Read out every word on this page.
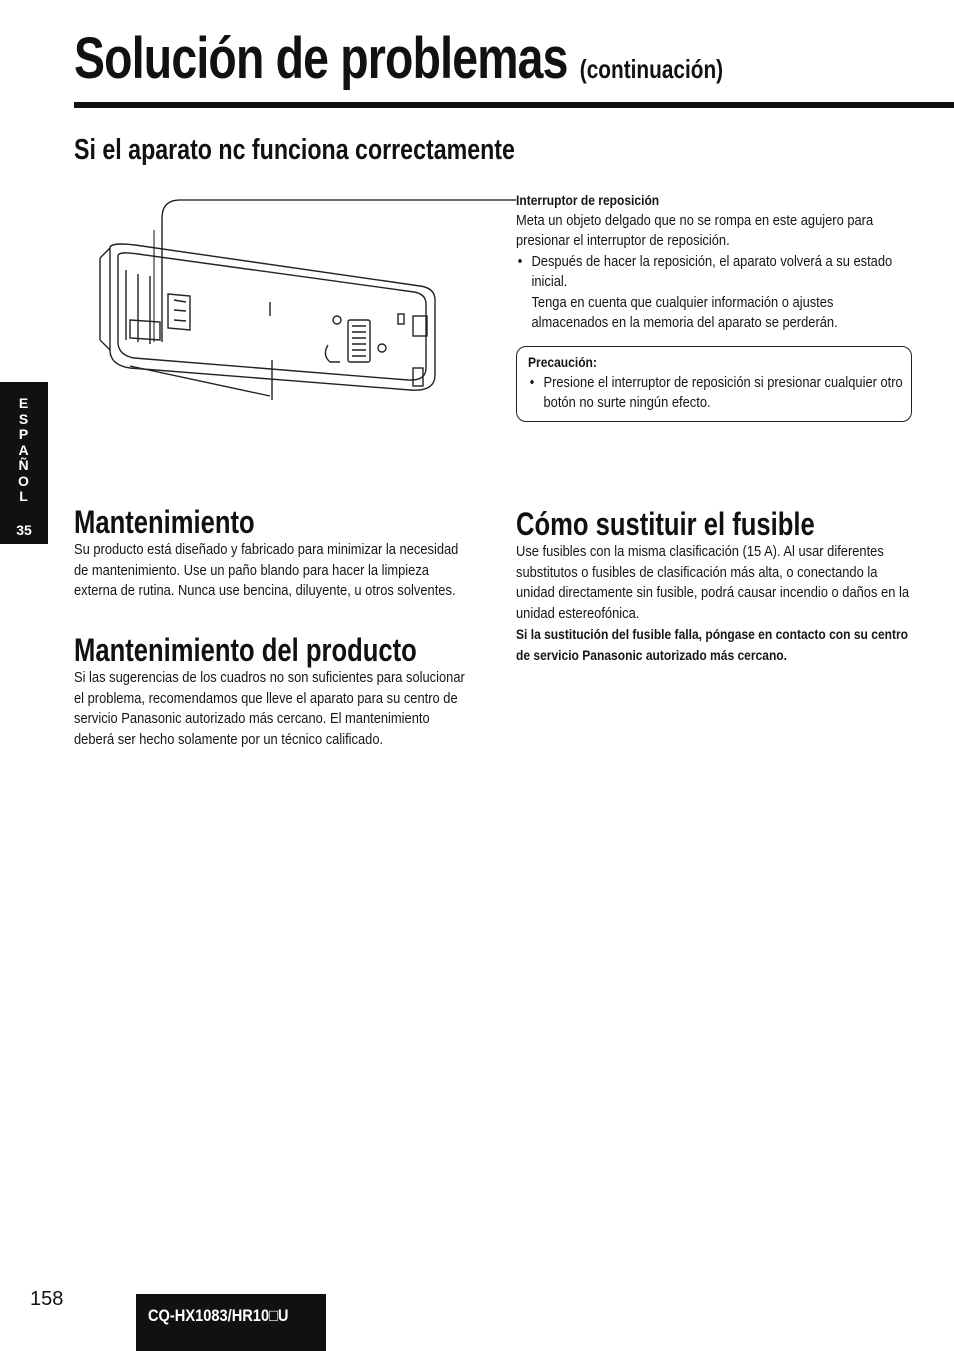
Solución de problemas (continuación)
Si el aparato nc funciona correctamente

Interruptor de reposición

Meta un objeto delgado que no se rompa en este agujero para presionar el interruptor de reposición.

• Después de hacer la reposición, el aparato volverá a su estado inicial.

Tenga en cuenta que cualquier información o ajustes almacenados en la memoria del aparato se perderán.

Precaución:
• Presione el interruptor de reposición si presionar cualquier otro botón no surte ningún efecto.
E
S
P
A
Ñ
O
L
35	Mantenimiento
Su producto está diseñado y fabricado para minimizar la necesidad de mantenimiento. Use un paño blando para hacer la limpieza externa de rutina. Nunca use bencina, diluyente, u otros solventes.
Mantenimiento del producto
Si las sugerencias de los cuadros no son suficientes para solucionar el problema, recomendamos que lleve el aparato para su centro de servicio Panasonic autorizado más cercano. El mantenimiento deberá ser hecho solamente por un técnico calificado.
Cómo sustituir el fusible
Use fusibles con la misma clasificación (15 A). Al usar diferentes substitutos o fusibles de clasificación más alta, o conectando la unidad directamente sin fusible, podrá causar incendio o daños en la unidad estereofónica.
Si la sustitución del fusible falla, póngase en contacto con su centro de servicio Panasonic autorizado más cercano.
158
CQ-HX1083/HR10□U
